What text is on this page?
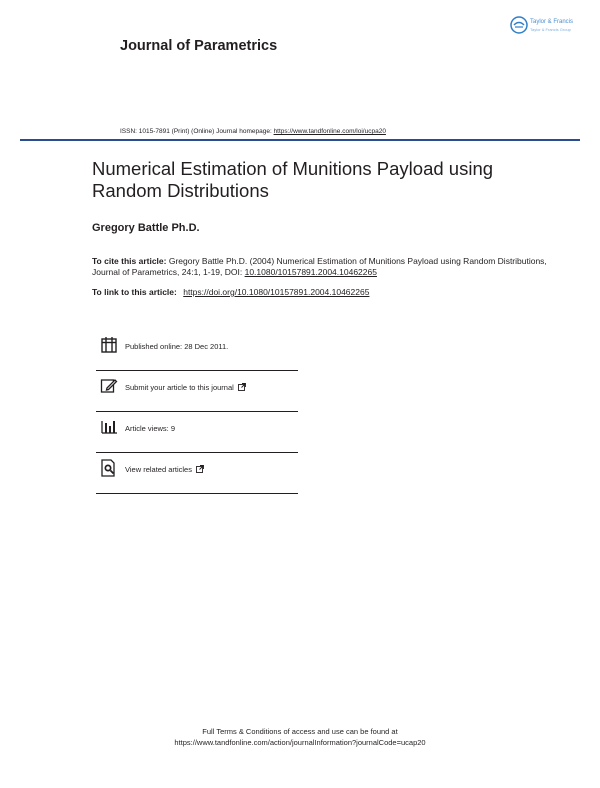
Journal of Parametrics
Taylor & Francis
Taylor & Francis Group
ISSN: 1015-7891 (Print) (Online) Journal homepage: https://www.tandfonline.com/loi/ucpa20
Numerical Estimation of Munitions Payload using Random Distributions
Gregory Battle Ph.D.
To cite this article: Gregory Battle Ph.D. (2004) Numerical Estimation of Munitions Payload using Random Distributions, Journal of Parametrics, 24:1, 1-19, DOI: 10.1080/10157891.2004.10462265
To link to this article: https://doi.org/10.1080/10157891.2004.10462265
Published online: 28 Dec 2011.
Submit your article to this journal
Article views: 9
View related articles
Full Terms & Conditions of access and use can be found at
https://www.tandfonline.com/action/journalInformation?journalCode=ucap20
